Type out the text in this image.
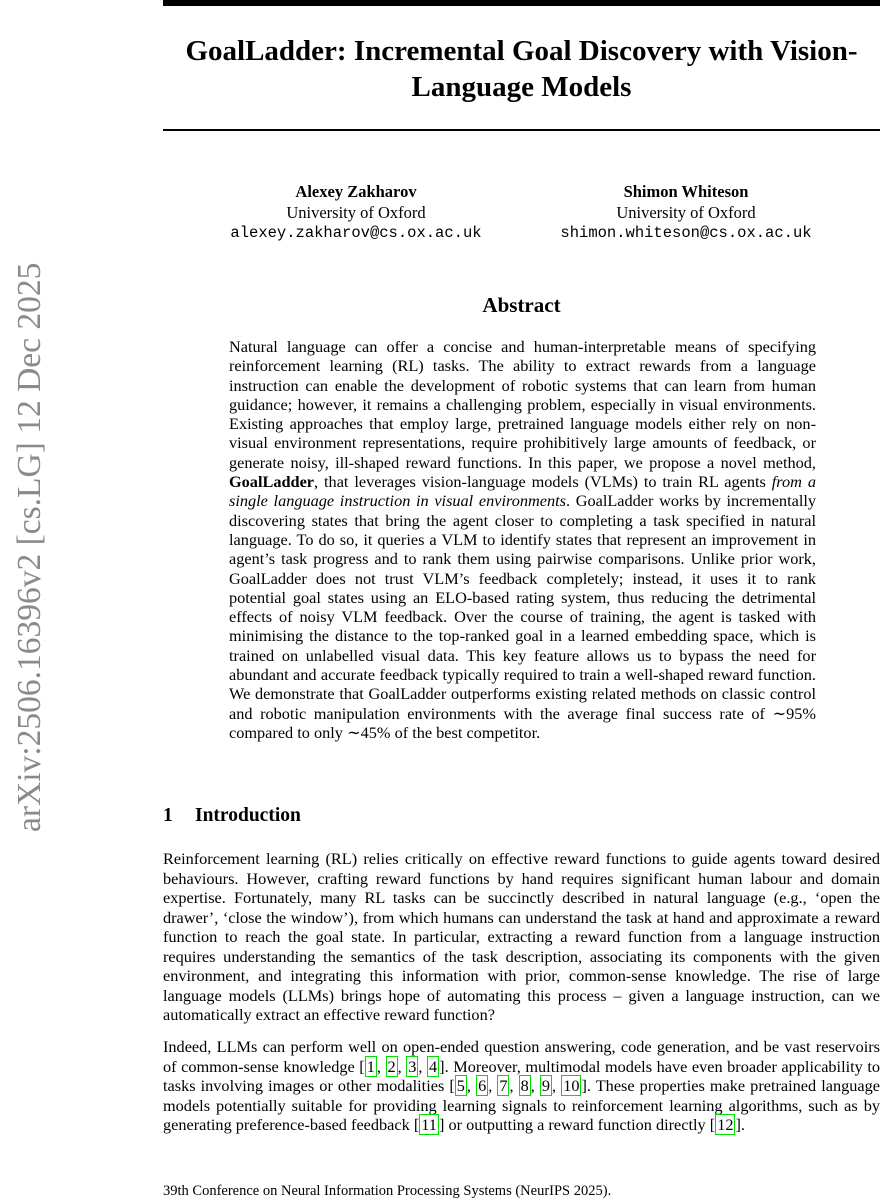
arXiv:2506.16396v2 [cs.LG] 12 Dec 2025
GoalLadder: Incremental Goal Discovery with Vision-Language Models
Alexey Zakharov
University of Oxford
alexey.zakharov@cs.ox.ac.uk
Shimon Whiteson
University of Oxford
shimon.whiteson@cs.ox.ac.uk
Abstract

Natural language can offer a concise and human-interpretable means of specifying reinforcement learning (RL) tasks. The ability to extract rewards from a language instruction can enable the development of robotic systems that can learn from human guidance; however, it remains a challenging problem, especially in visual environments. Existing approaches that employ large, pretrained language models either rely on non-visual environment representations, require prohibitively large amounts of feedback, or generate noisy, ill-shaped reward functions. In this paper, we propose a novel method, GoalLadder, that leverages vision-language models (VLMs) to train RL agents from a single language instruction in visual environments. GoalLadder works by incrementally discovering states that bring the agent closer to completing a task specified in natural language. To do so, it queries a VLM to identify states that represent an improvement in agent’s task progress and to rank them using pairwise comparisons. Unlike prior work, GoalLadder does not trust VLM’s feedback completely; instead, it uses it to rank potential goal states using an ELO-based rating system, thus reducing the detrimental effects of noisy VLM feedback. Over the course of training, the agent is tasked with minimising the distance to the top-ranked goal in a learned embedding space, which is trained on unlabelled visual data. This key feature allows us to bypass the need for abundant and accurate feedback typically required to train a well-shaped reward function. We demonstrate that GoalLadder outperforms existing related methods on classic control and robotic manipulation environments with the average final success rate of ∼95% compared to only ∼45% of the best competitor.

1 Introduction

Reinforcement learning (RL) relies critically on effective reward functions to guide agents toward desired behaviours. However, crafting reward functions by hand requires significant human labour and domain expertise. Fortunately, many RL tasks can be succinctly described in natural language (e.g., ‘open the drawer’, ‘close the window’), from which humans can understand the task at hand and approximate a reward function to reach the goal state. In particular, extracting a reward function from a language instruction requires understanding the semantics of the task description, associating its components with the given environment, and integrating this information with prior, common-sense knowledge. The rise of large language models (LLMs) brings hope of automating this process – given a language instruction, can we automatically extract an effective reward function?

Indeed, LLMs can perform well on open-ended question answering, code generation, and be vast reservoirs of common-sense knowledge [ 1 , 2 , 3 , 4 ]. Moreover, multimodal models have even broader applicability to tasks involving images or other modalities [ 5 , 6 , 7 , 8 , 9 , 10 ]. These properties make pretrained language models potentially suitable for providing learning signals to reinforcement learning algorithms, such as by generating preference-based feedback [ 11 ] or outputting a reward function directly [ 12 ].

39th Conference on Neural Information Processing Systems (NeurIPS 2025).
